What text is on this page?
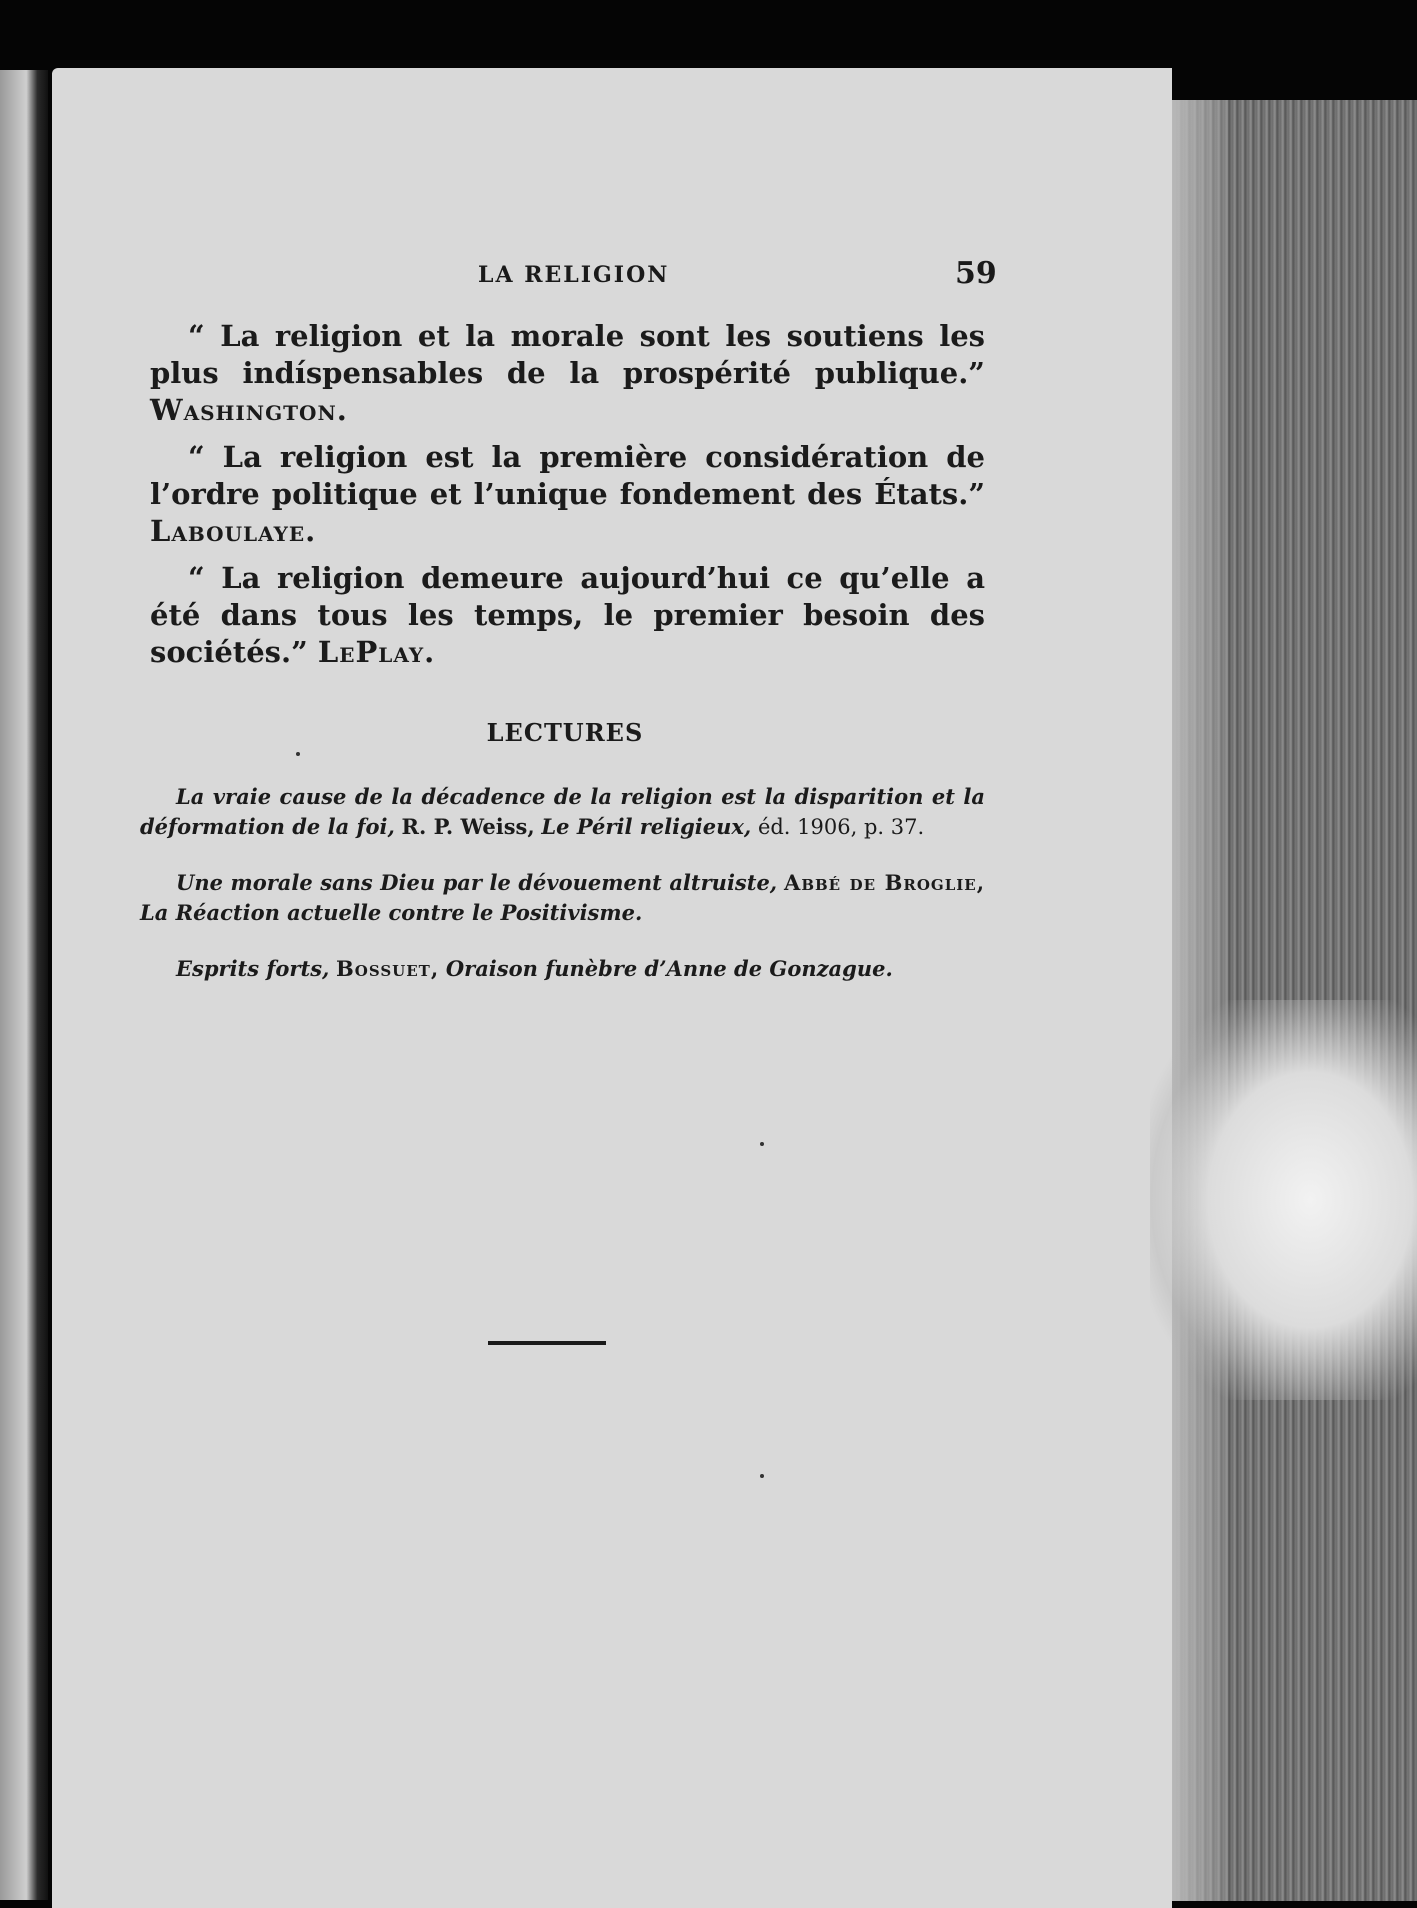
LA RELIGION	59

“ La religion et la morale sont les soutiens les plus indíspensables de la prospérité publique.” Washington.

“ La religion est la première considération de l’ordre politique et l’unique fondement des États.” Laboulaye.

“ La religion demeure aujourd’hui ce qu’elle a été dans tous les temps, le premier besoin des sociétés.” LePlay.

LECTURES

La vraie cause de la décadence de la religion est la disparition et la déformation de la foi, R. P. Weiss, Le Péril religieux, éd. 1906, p. 37.

Une morale sans Dieu par le dévouement altruiste, Abbé de Broglie, La Réaction actuelle contre le Positivisme.

Esprits forts, Bossuet, Oraison funèbre d’Anne de Gonzague.
